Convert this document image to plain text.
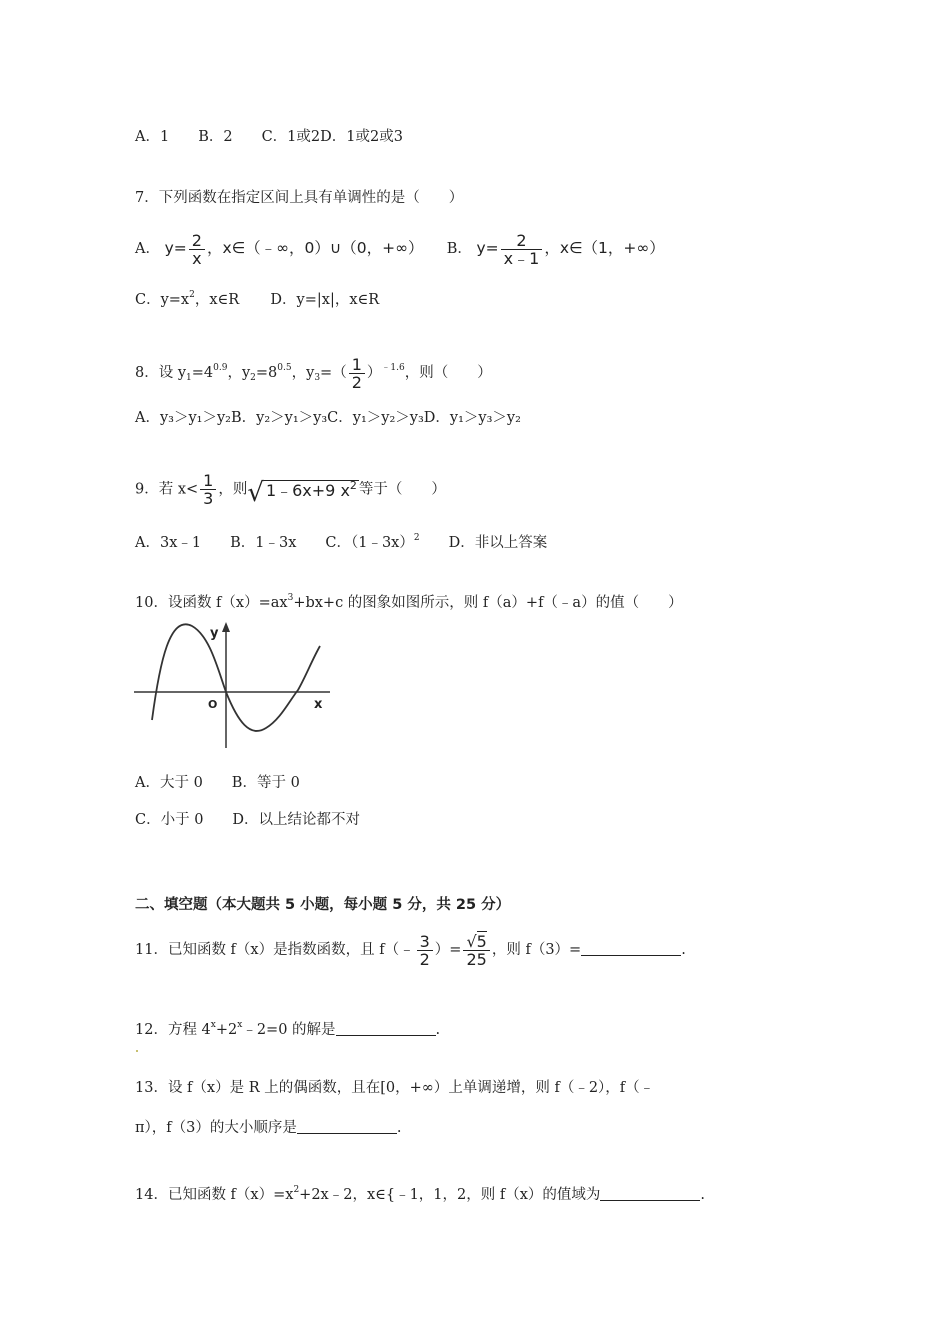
A．1　　B．2　　C．1或2D．1或2或3
7．下列函数在指定区间上具有单调性的是（　　）
A． $y= \frac{2}{x}$ ，x∈（﹣∞，0）∪（0，+∞） B． $y= \frac{2}{x﹣1}$ ，x∈（1，+∞）
C．$y=x^2$，x∈R D．y=|x|，x∈R
8．设 $y_1=4^{0.9}$，$y_2=8^{0.5}$，$y_3=( \frac{1}{2} )^{﹣1.6}$，则（　　）
A．y₃＞y₁＞y₂B．y₂＞y₁＞y₃C．y₁＞y₂＞y₃D．y₁＞y₃＞y₂
9．若 $x< \frac{1}{3}$ ，则√ 1﹣6x+9 $x^2$ 等于（　　）
A．3x﹣1　　B．1﹣3x　　C．（1﹣3x）$^2$　　D．非以上答案
10．设函数 $f(x)=ax^3+bx+c$ 的图象如图所示，则 f（a）+f（﹣a）的值（　　）
y
x
O
A．大于 0　　B．等于 0
C．小于 0　　D．以上结论都不对
二、填空题（本大题共 5 小题，每小题 5 分，共 25 分）
11．已知函数 f（x）是指数函数，且 f（﹣ $\frac{3}{2}$ ）= $\frac{√5}{25}$ ，则 f（3）=	.
12．方程 $4^x+2^x﹣2=0$ 的解是	.
13．设 f（x）是 R 上的偶函数，且在[0，+∞）上单调递增，则 f（﹣2），f（﹣
π），f（3）的大小顺序是	.
14．已知函数 $f(x)=x^2+2x﹣2$，x∈{﹣1，1，2，则 f（x）的值域为	.
